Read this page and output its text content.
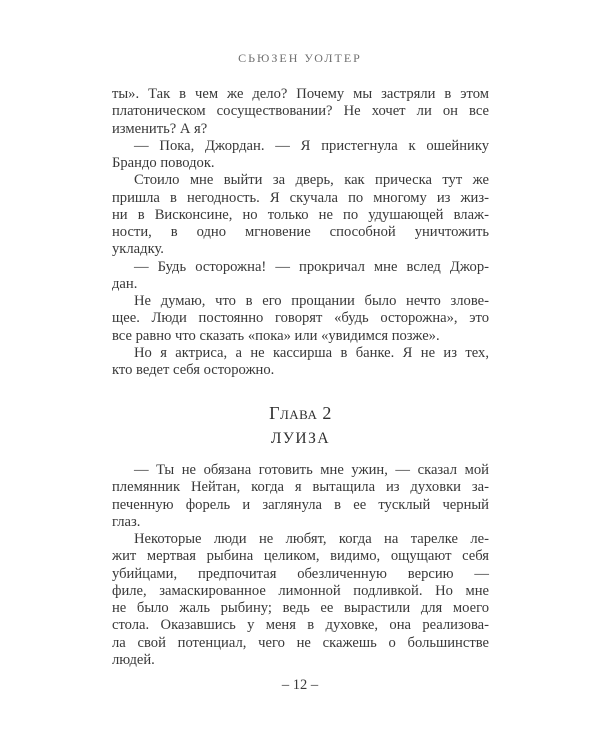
СЬЮЗЕН УОЛТЕР
ты». Так в чем же дело? Почему мы застряли в этом
платоническом сосуществовании? Не хочет ли он все
изменить? А я?
— Пока, Джордан. — Я пристегнула к ошейнику
Брандо поводок.
Стоило мне выйти за дверь, как прическа тут же
пришла в негодность. Я скучала по многому из жиз-
ни в Висконсине, но только не по удушающей влаж-
ности, в одно мгновение способной уничтожить
укладку.
— Будь осторожна! — прокричал мне вслед Джор-
дан.
Не думаю, что в его прощании было нечто злове-
щее. Люди постоянно говорят «будь осторожна», это
все равно что сказать «пока» или «увидимся позже».
Но я актриса, а не кассирша в банке. Я не из тех,
кто ведет себя осторожно.
Глава 2
ЛУИЗА
— Ты не обязана готовить мне ужин, — сказал мой
племянник Нейтан, когда я вытащила из духовки за-
печенную форель и заглянула в ее тусклый черный
глаз.
Некоторые люди не любят, когда на тарелке ле-
жит мертвая рыбина целиком, видимо, ощущают себя
убийцами, предпочитая обезличенную версию —
филе, замаскированное лимонной подливкой. Но мне
не было жаль рыбину; ведь ее вырастили для моего
стола. Оказавшись у меня в духовке, она реализова-
ла свой потенциал, чего не скажешь о большинстве
людей.
– 12 –
